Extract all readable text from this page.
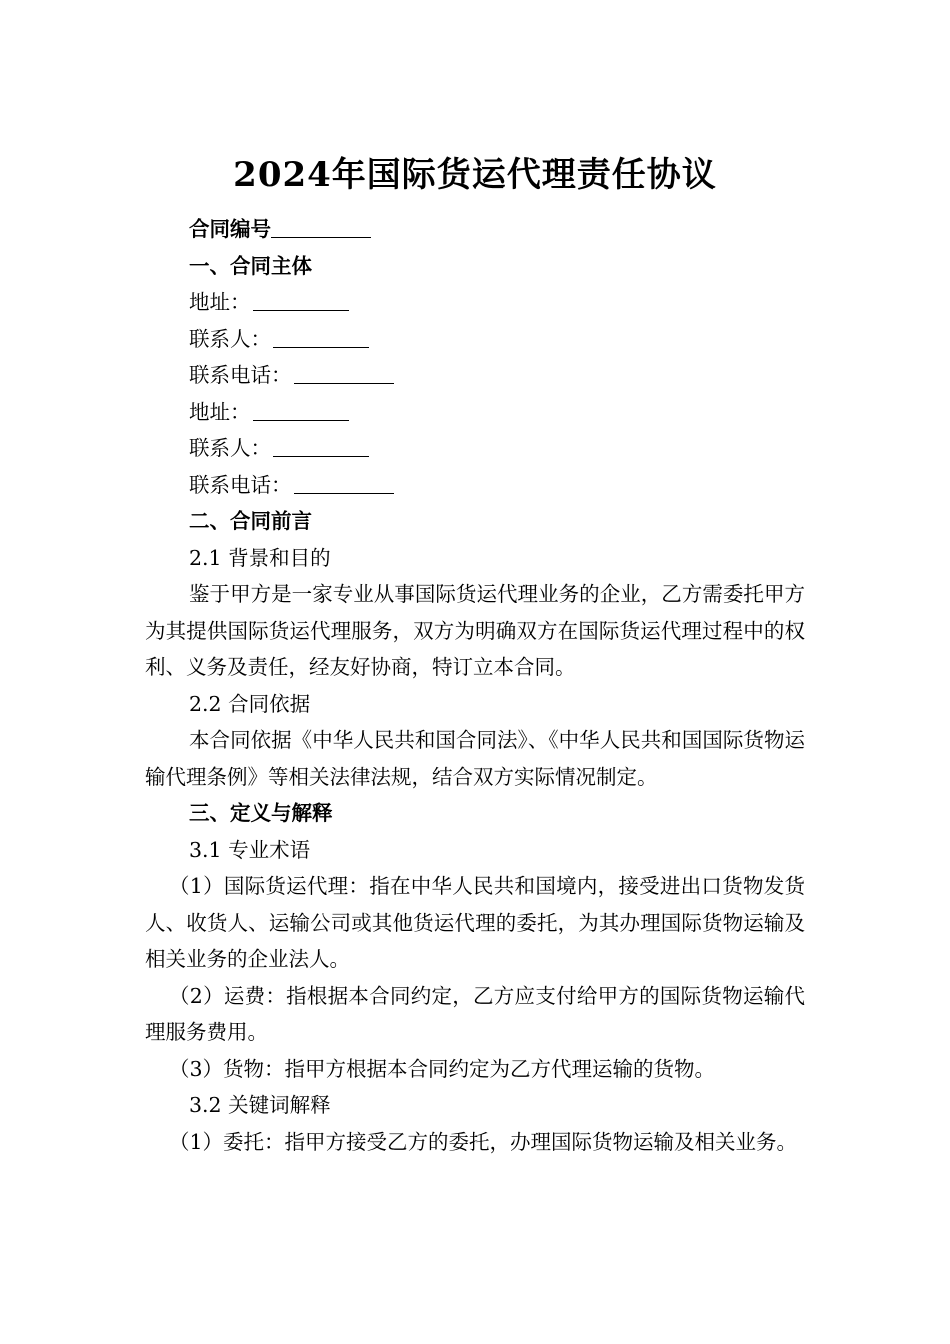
2024年国际货运代理责任协议
合同编号
一、合同主体
地址：
联系人：
联系电话：
地址：
联系人：
联系电话：
二、合同前言
2.1 背景和目的
鉴于甲方是一家专业从事国际货运代理业务的企业，乙方需委托甲方为其提供国际货运代理服务，双方为明确双方在国际货运代理过程中的权利、义务及责任，经友好协商，特订立本合同。
2.2 合同依据
本合同依据《中华人民共和国合同法》、《中华人民共和国国际货物运输代理条例》等相关法律法规，结合双方实际情况制定。
三、定义与解释
3.1 专业术语
（1）国际货运代理：指在中华人民共和国境内，接受进出口货物发货人、收货人、运输公司或其他货运代理的委托，为其办理国际货物运输及相关业务的企业法人。
（2）运费：指根据本合同约定，乙方应支付给甲方的国际货物运输代理服务费用。
（3）货物：指甲方根据本合同约定为乙方代理运输的货物。
3.2 关键词解释
（1）委托：指甲方接受乙方的委托，办理国际货物运输及相关业务。
